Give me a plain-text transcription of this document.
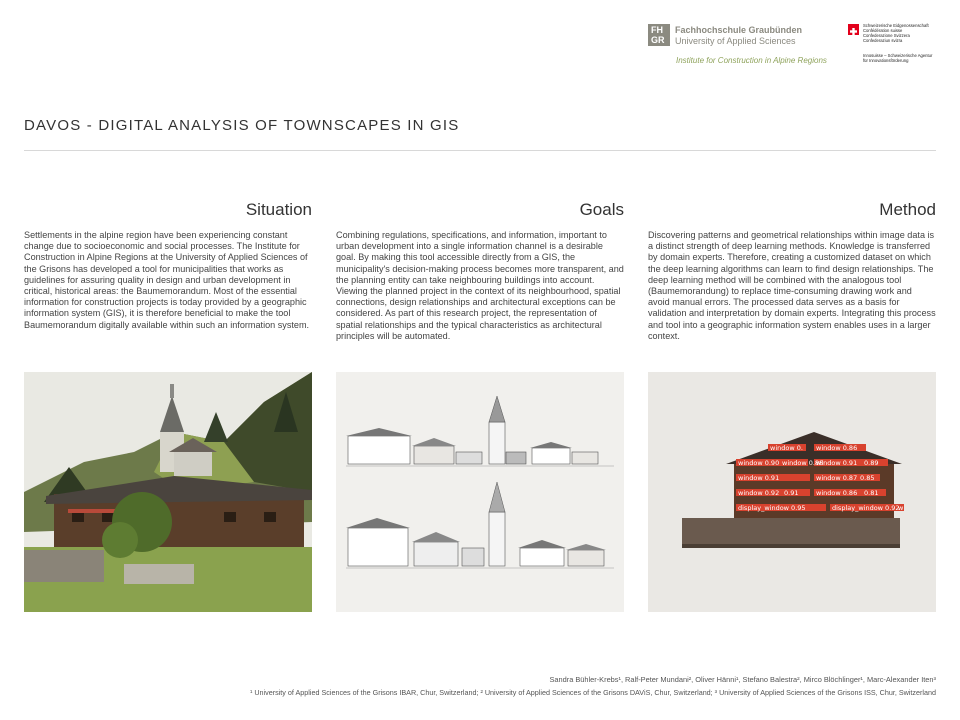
FH
GR
Fachhochschule Graubünden
University of Applied Sciences
Institute for Construction in Alpine Regions
Schweizerische Eidgenossenschaft
Confédération suisse
Confederazione Svizzera
Confederaziun svizra
Innosuisse – Schweizerische Agentur
für Innovationsförderung
DAVOS - DIGITAL ANALYSIS OF TOWNSCAPES IN GIS
Situation	Goals	Method
Settlements in the alpine region have been experiencing constant change due to socioeconomic and social processes. The Institute for Construction in Alpine Regions at the University of Applied Sciences of the Grisons has developed a tool for municipalities that works as guidelines for assuring quality in design and urban development in critical, historical areas: the Baumemorandum. Most of the essential information for construction projects is today provided by a geographic information system (GIS), it is therefore beneficial to make the tool Baumemorandum digitally available within such an information system.
Combining regulations, specifications, and information, important to urban development into a single information channel is a desirable goal. By making this tool accessible directly from a GIS, the municipality's decision-making process becomes more transparent, and the planning entity can take neighbouring buildings into account. Viewing the planned project in the context of its neighbourhood, spatial connections, design relationships and architectural exceptions can be considered. As part of this research project, the representation of spatial relationships and the typical characteristics as architectural principles will be automated.
Discovering patterns and geometrical relationships within image data is a distinct strength of deep learning methods. Knowledge is transferred by domain experts. Therefore, creating a customized dataset on which the deep learning algorithms can learn to find design relationships. The deep learning method will be combined with the analogous tool (Baumemorandung) to replace time-consuming drawing work and avoid manual errors. The processed data serves as a basis for validation and interpretation by domain experts. Integrating this process and tool into a geographic information system enables uses in a larger context.
window 0. window 0.86
window 0.90 window 0.88
window 0.91 0.89
window 0.91	window 0.87 0.85
window 0.92 0.91	window 0.86 0.81
display_window 0.95	display_window 0.92
w
Sandra Bühler-Krebs¹, Ralf-Peter Mundani², Oliver Hänni¹, Stefano Balestra², Mirco Blöchlinger¹, Marc-Alexander Iten³
¹ University of Applied Sciences of the Grisons IBAR, Chur, Switzerland; ² University of Applied Sciences of the Grisons DAViS, Chur, Switzerland; ³ University of Applied Sciences of the Grisons ISS, Chur, Switzerland
